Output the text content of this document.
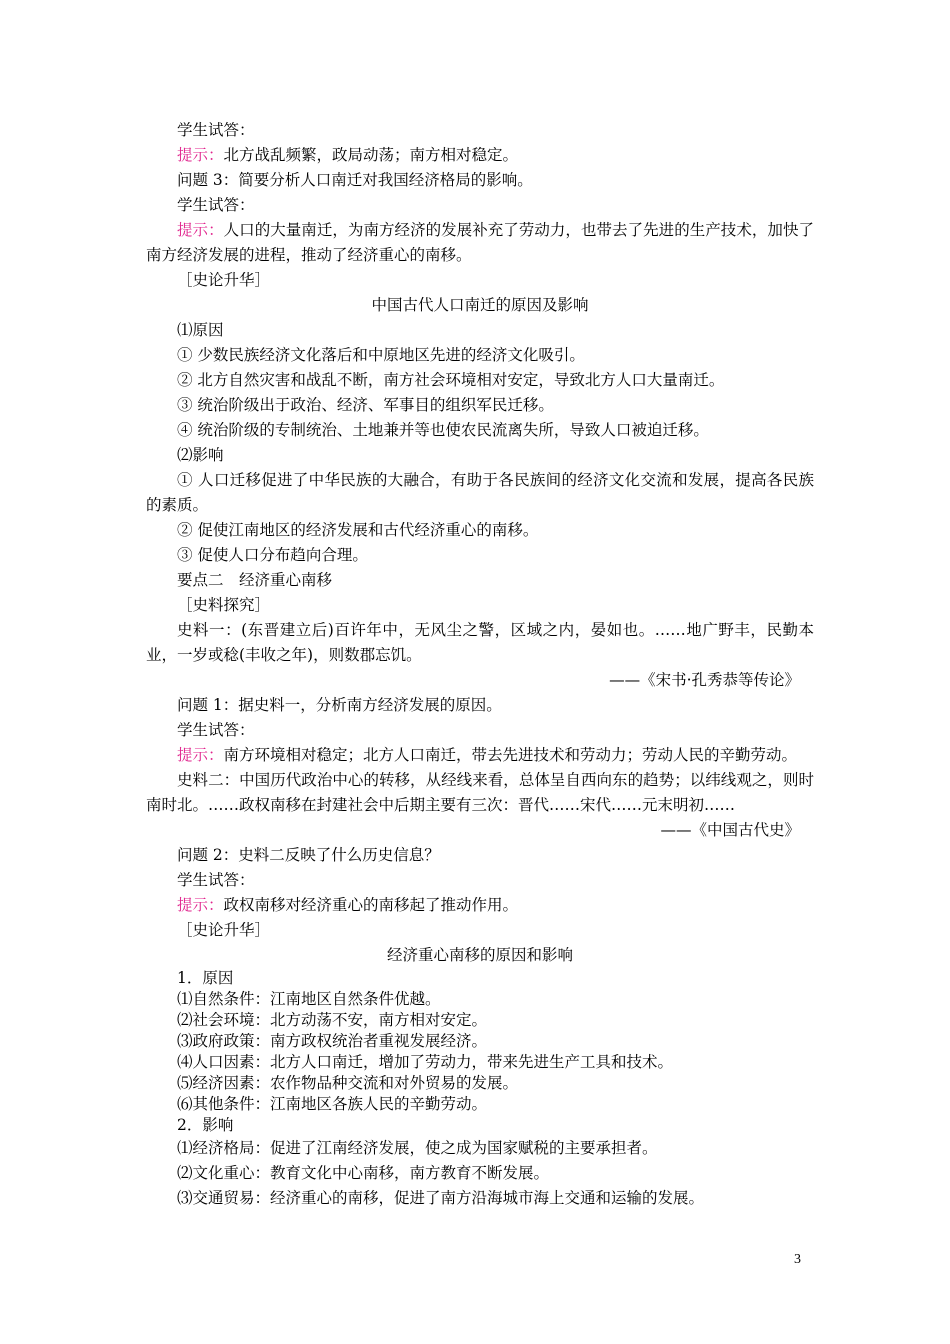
学生试答：
提示：北方战乱频繁，政局动荡；南方相对稳定。
问题 3：简要分析人口南迁对我国经济格局的影响。
学生试答：
提示：人口的大量南迁，为南方经济的发展补充了劳动力，也带去了先进的生产技术，加快了南方经济发展的进程，推动了经济重心的南移。
［史论升华］
中国古代人口南迁的原因及影响
⑴原因
① 少数民族经济文化落后和中原地区先进的经济文化吸引。
② 北方自然灾害和战乱不断，南方社会环境相对安定，导致北方人口大量南迁。
③ 统治阶级出于政治、经济、军事目的组织军民迁移。
④ 统治阶级的专制统治、土地兼并等也使农民流离失所，导致人口被迫迁移。
⑵影响
① 人口迁移促进了中华民族的大融合，有助于各民族间的经济文化交流和发展，提高各民族的素质。
② 促使江南地区的经济发展和古代经济重心的南移。
③ 促使人口分布趋向合理。
要点二　经济重心南移
［史料探究］
史料一：(东晋建立后)百许年中，无风尘之警，区域之内，晏如也。……地广野丰，民勤本业，一岁或稔(丰收之年)，则数郡忘饥。
——《宋书·孔秀恭等传论》
问题 1：据史料一，分析南方经济发展的原因。
学生试答：
提示：南方环境相对稳定；北方人口南迁，带去先进技术和劳动力；劳动人民的辛勤劳动。
史料二：中国历代政治中心的转移，从经线来看，总体呈自西向东的趋势；以纬线观之，则时南时北。……政权南移在封建社会中后期主要有三次：晋代……宋代……元末明初……
——《中国古代史》
问题 2：史料二反映了什么历史信息？
学生试答：
提示：政权南移对经济重心的南移起了推动作用。
［史论升华］
经济重心南移的原因和影响
1．原因
⑴自然条件：江南地区自然条件优越。
⑵社会环境：北方动荡不安，南方相对安定。
⑶政府政策：南方政权统治者重视发展经济。
⑷人口因素：北方人口南迁，增加了劳动力，带来先进生产工具和技术。
⑸经济因素：农作物品种交流和对外贸易的发展。
⑹其他条件：江南地区各族人民的辛勤劳动。
2．影响
⑴经济格局：促进了江南经济发展，使之成为国家赋税的主要承担者。
⑵文化重心：教育文化中心南移，南方教育不断发展。
⑶交通贸易：经济重心的南移，促进了南方沿海城市海上交通和运输的发展。
3
